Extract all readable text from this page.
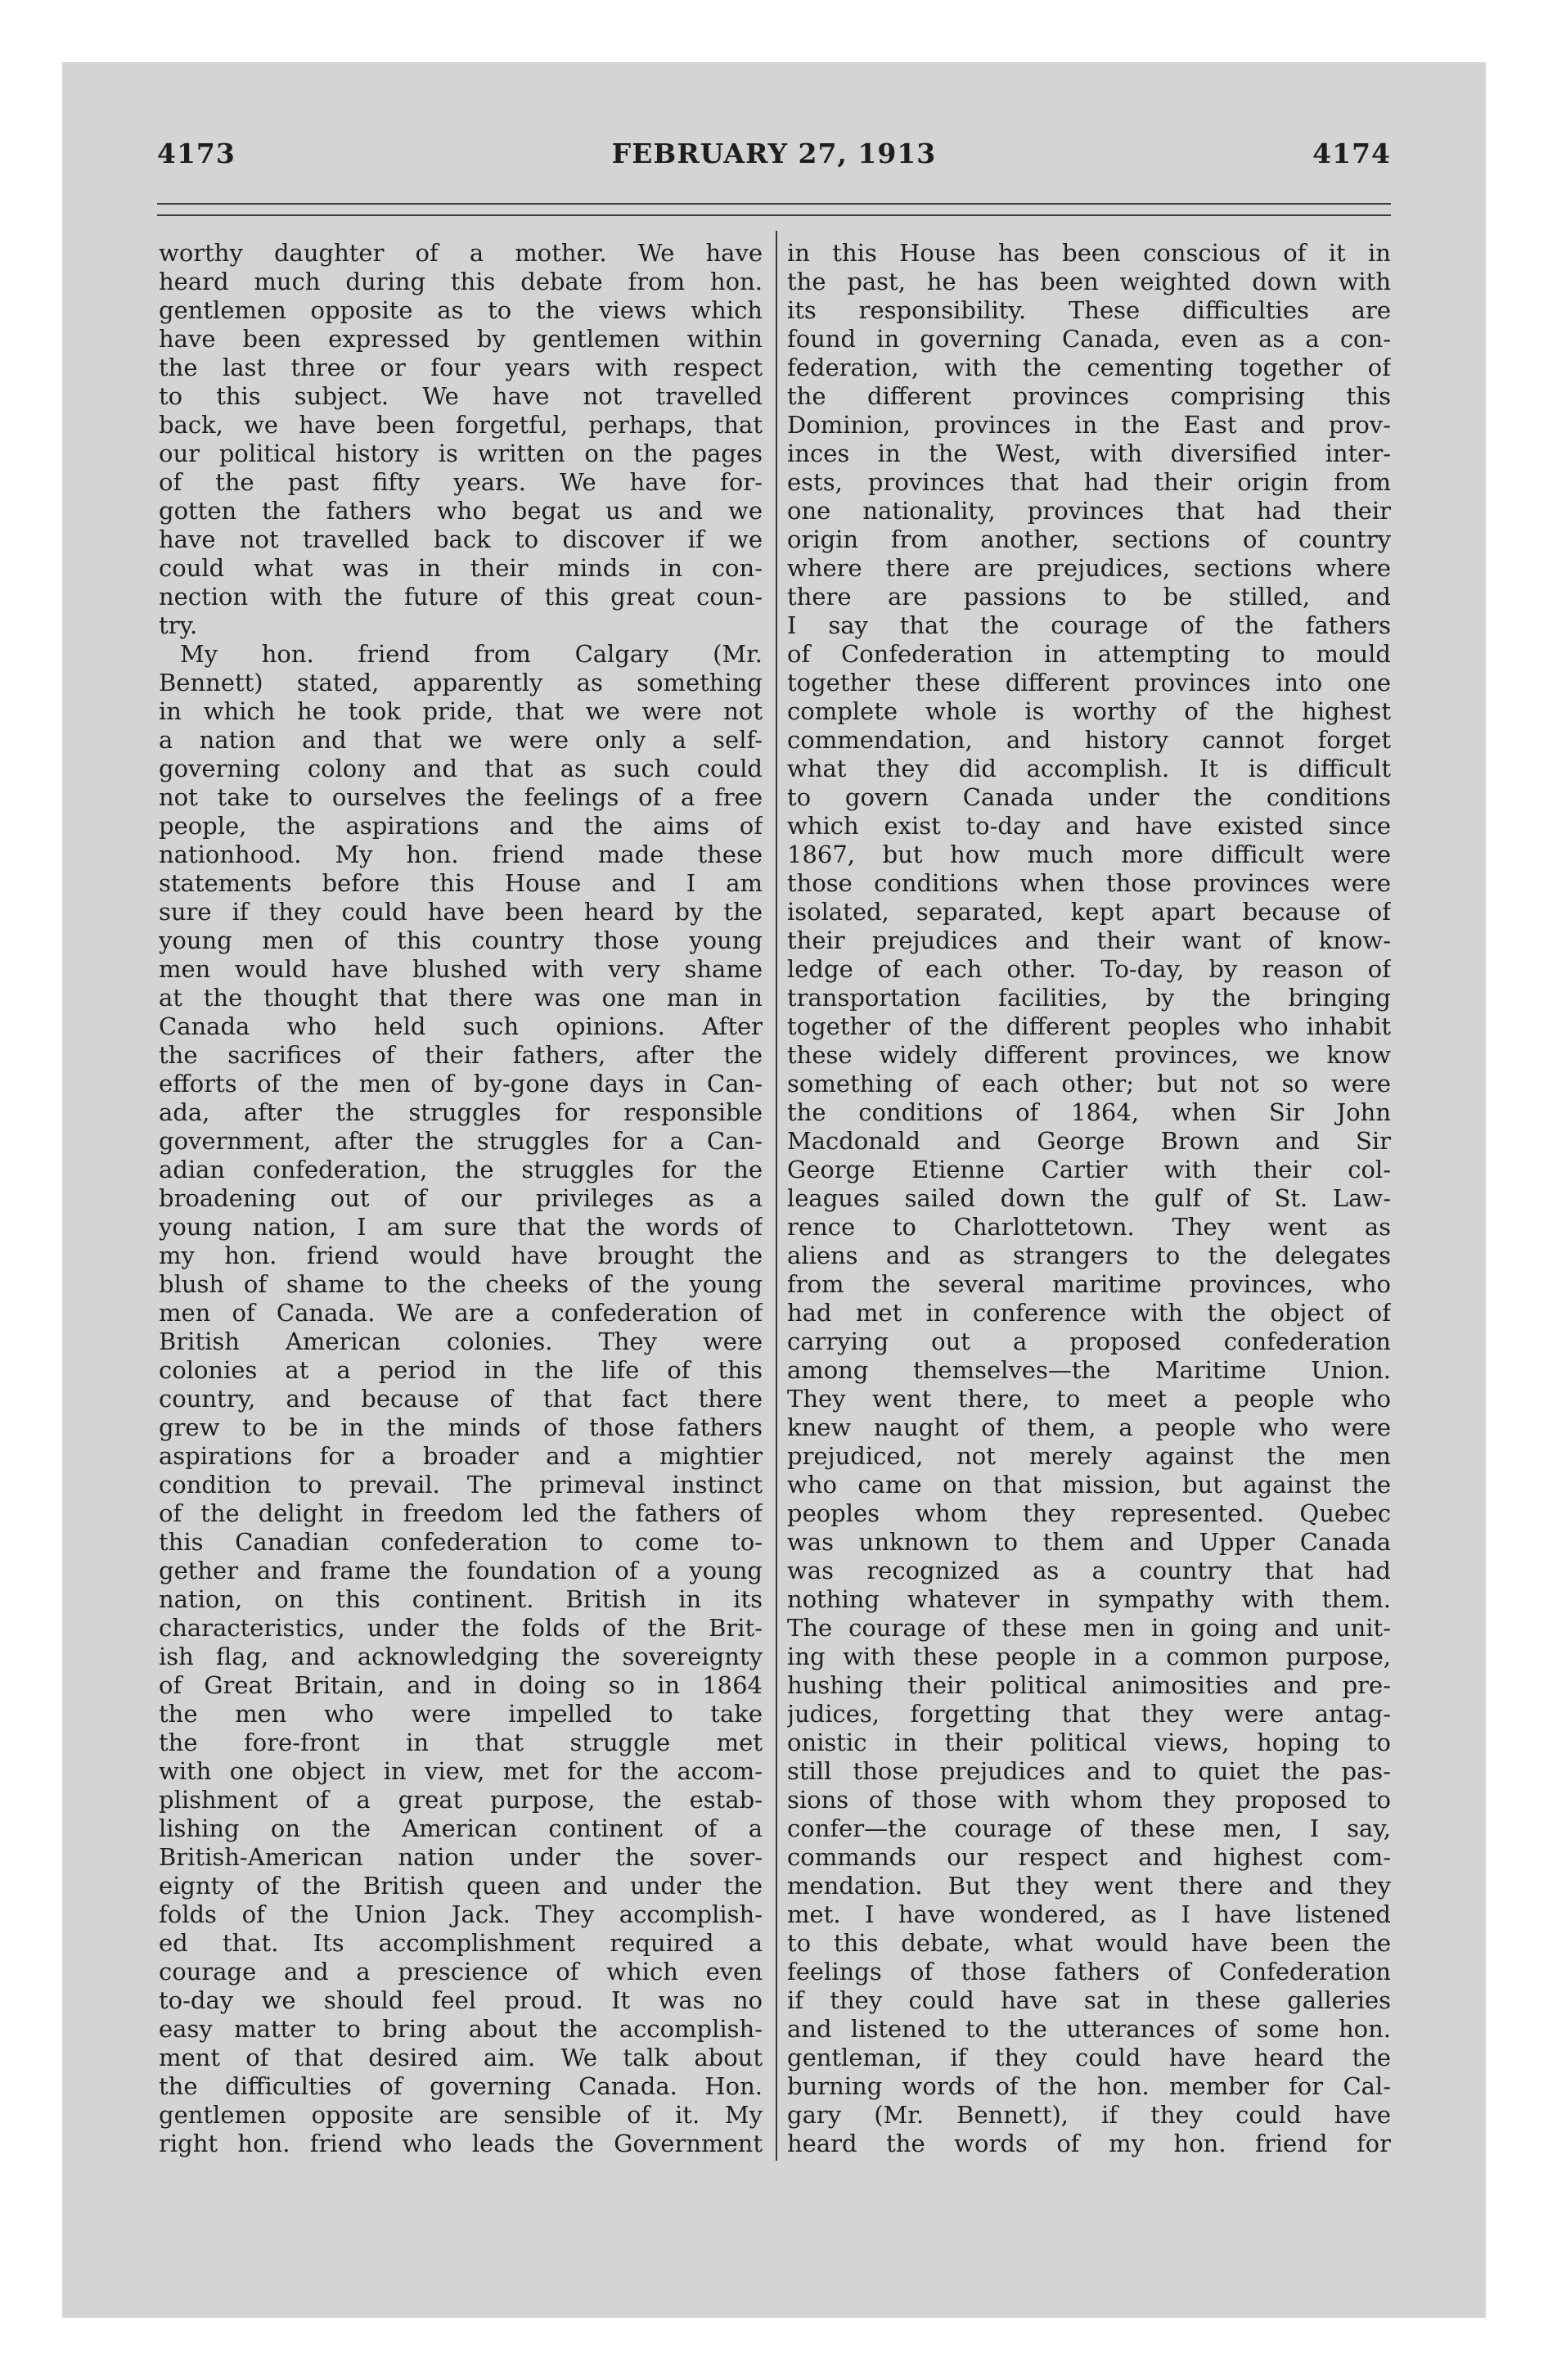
4173	FEBRUARY 27, 1913	4174
worthy daughter of a mother. We have
heard much during this debate from hon.
gentlemen opposite as to the views which
have been expressed by gentlemen within
the last three or four years with respect
to this subject. We have not travelled
back, we have been forgetful, perhaps, that
our political history is written on the pages
of the past fifty years. We have for-
gotten the fathers who begat us and we
have not travelled back to discover if we
could what was in their minds in con-
nection with the future of this great coun-
try.
My hon. friend from Calgary (Mr.
Bennett) stated, apparently as something
in which he took pride, that we were not
a nation and that we were only a self-
governing colony and that as such could
not take to ourselves the feelings of a free
people, the aspirations and the aims of
nationhood. My hon. friend made these
statements before this House and I am
sure if they could have been heard by the
young men of this country those young
men would have blushed with very shame
at the thought that there was one man in
Canada who held such opinions. After
the sacrifices of their fathers, after the
efforts of the men of by-gone days in Can-
ada, after the struggles for responsible
government, after the struggles for a Can-
adian confederation, the struggles for the
broadening out of our privileges as a
young nation, I am sure that the words of
my hon. friend would have brought the
blush of shame to the cheeks of the young
men of Canada. We are a confederation of
British American colonies. They were
colonies at a period in the life of this
country, and because of that fact there
grew to be in the minds of those fathers
aspirations for a broader and a mightier
condition to prevail. The primeval instinct
of the delight in freedom led the fathers of
this Canadian confederation to come to-
gether and frame the foundation of a young
nation, on this continent. British in its
characteristics, under the folds of the Brit-
ish flag, and acknowledging the sovereignty
of Great Britain, and in doing so in 1864
the men who were impelled to take
the fore-front in that struggle met
with one object in view, met for the accom-
plishment of a great purpose, the estab-
lishing on the American continent of a
British-American nation under the sover-
eignty of the British queen and under the
folds of the Union Jack. They accomplish-
ed that. Its accomplishment required a
courage and a prescience of which even
to-day we should feel proud. It was no
easy matter to bring about the accomplish-
ment of that desired aim. We talk about
the difficulties of governing Canada. Hon.
gentlemen opposite are sensible of it. My
right hon. friend who leads the Government
in this House has been conscious of it in
the past, he has been weighted down with
its responsibility. These difficulties are
found in governing Canada, even as a con-
federation, with the cementing together of
the different provinces comprising this
Dominion, provinces in the East and prov-
inces in the West, with diversified inter-
ests, provinces that had their origin from
one nationality, provinces that had their
origin from another, sections of country
where there are prejudices, sections where
there are passions to be stilled, and
I say that the courage of the fathers
of Confederation in attempting to mould
together these different provinces into one
complete whole is worthy of the highest
commendation, and history cannot forget
what they did accomplish. It is difficult
to govern Canada under the conditions
which exist to-day and have existed since
1867, but how much more difficult were
those conditions when those provinces were
isolated, separated, kept apart because of
their prejudices and their want of know-
ledge of each other. To-day, by reason of
transportation facilities, by the bringing
together of the different peoples who inhabit
these widely different provinces, we know
something of each other; but not so were
the conditions of 1864, when Sir John
Macdonald and George Brown and Sir
George Etienne Cartier with their col-
leagues sailed down the gulf of St. Law-
rence to Charlottetown. They went as
aliens and as strangers to the delegates
from the several maritime provinces, who
had met in conference with the object of
carrying out a proposed confederation
among themselves—the Maritime Union.
They went there, to meet a people who
knew naught of them, a people who were
prejudiced, not merely against the men
who came on that mission, but against the
peoples whom they represented. Quebec
was unknown to them and Upper Canada
was recognized as a country that had
nothing whatever in sympathy with them.
The courage of these men in going and unit-
ing with these people in a common purpose,
hushing their political animosities and pre-
judices, forgetting that they were antag-
onistic in their political views, hoping to
still those prejudices and to quiet the pas-
sions of those with whom they proposed to
confer—the courage of these men, I say,
commands our respect and highest com-
mendation. But they went there and they
met. I have wondered, as I have listened
to this debate, what would have been the
feelings of those fathers of Confederation
if they could have sat in these galleries
and listened to the utterances of some hon.
gentleman, if they could have heard the
burning words of the hon. member for Cal-
gary (Mr. Bennett), if they could have
heard the words of my hon. friend for
